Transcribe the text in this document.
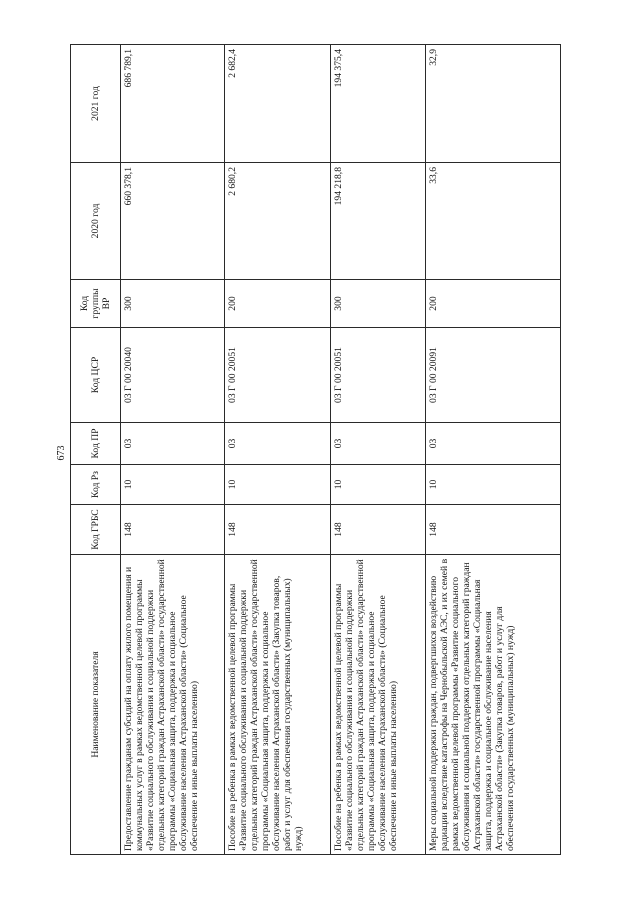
673
Наименование показателя	Код ГРБС	Код Рз	Код ПР	Код ЦСР	Код группы ВР	2020 год	2021 год

Предоставление гражданам субсидий на оплату жилого помещения и коммунальных услуг в рамках ведомственной целевой программы «Развитие социального обслуживания и социальной поддержки отдельных категорий граждан Астраханской области» государственной программы «Социальная защита, поддержка и социальное обслуживание населения Астраханской области» (Социальное обеспечение и иные выплаты населению)	148	10	03	03 Г 00 20040	300	660 378,1	686 789,1

Пособие на ребенка в рамках ведомственной целевой программы «Развитие социального обслуживания и социальной поддержки отдельных категорий граждан Астраханской области» государственной программы «Социальная защита, поддержка и социальное обслуживание населения Астраханской области» (Закупка товаров, работ и услуг для обеспечения государственных (муниципальных) нужд)	148	10	03	03 Г 00 20051	200	2 680,2	2 682,4

Пособие на ребенка в рамках ведомственной целевой программы «Развитие социального обслуживания и социальной поддержки отдельных категорий граждан Астраханской области» государственной программы «Социальная защита, поддержка и социальное обслуживание населения Астраханской области» (Социальное обеспечение и иные выплаты населению)	148	10	03	03 Г 00 20051	300	194 218,8	194 375,4

Меры социальной поддержки граждан, подвергшихся воздействию радиации вследствие катастрофы на Чернобыльской АЭС, и их семей в рамках ведомственной целевой программы «Развитие социального обслуживания и социальной поддержки отдельных категорий граждан Астраханской области» государственной программы «Социальная защита, поддержка и социальное обслуживание населения Астраханской области» (Закупка товаров, работ и услуг для обеспечения государственных (муниципальных) нужд)	148	10	03	03 Г 00 20091	200	33,6	32,9
